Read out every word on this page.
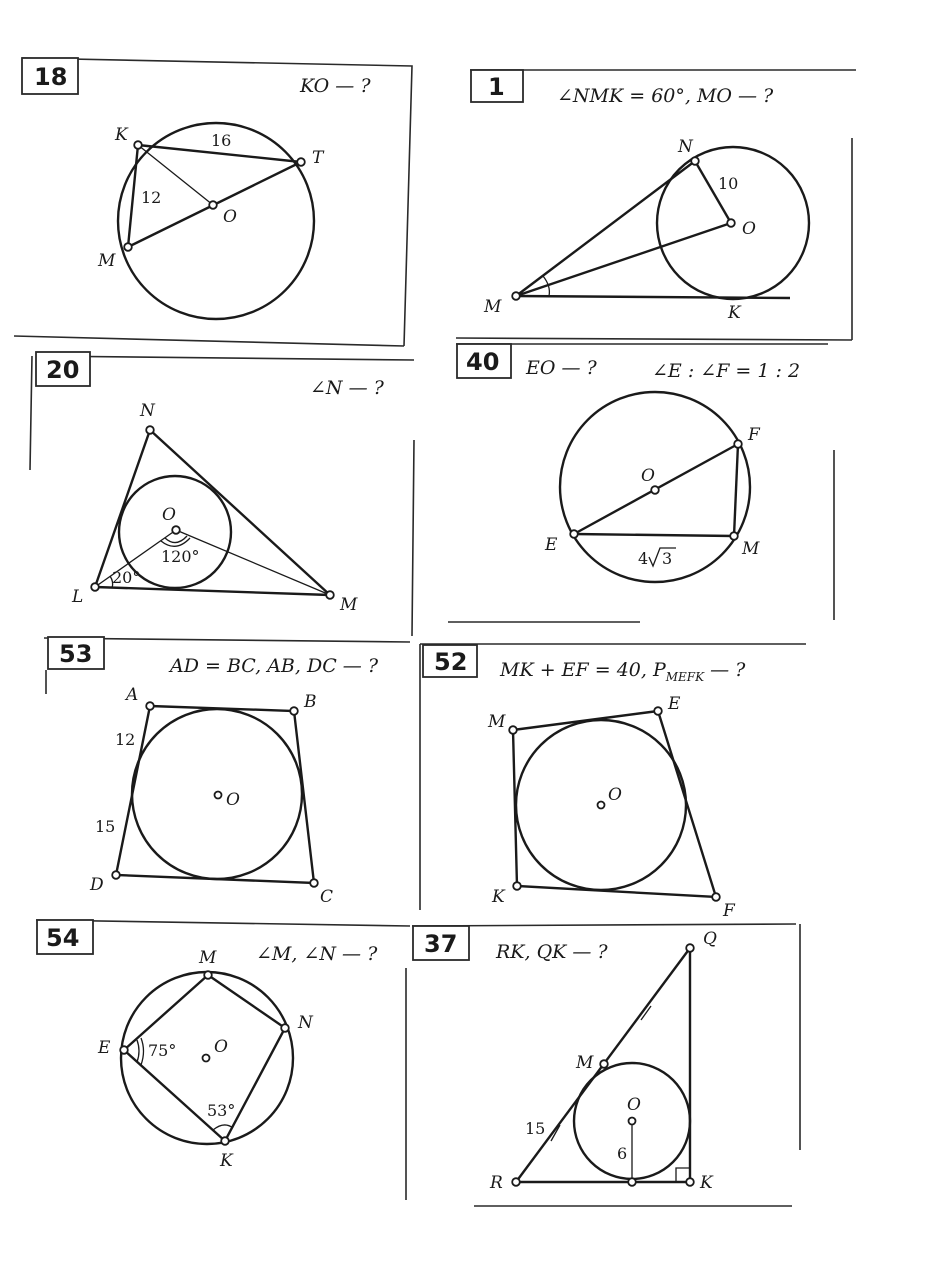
18	KO — ?
K
T
M
O
16
12
1	∠NMK = 60°, MO — ?
N
O
M	K
10
20
∠N — ?
N
O
L	M
120°
20°
40 EO — ?	∠E : ∠F = 1 : 2
O
F
E	M
4 3
53	AD = BC, AB, DC — ?
A	B
O
D
C
12
15
52 MK + EF = 40, $P_{MEFK}$ — ?
M
E
O
K
F
54
∠M, ∠N — ?
M
N
E	O
K
75°
53°
37 RK, QK — ?
Q
M
O
R	K
15
6
